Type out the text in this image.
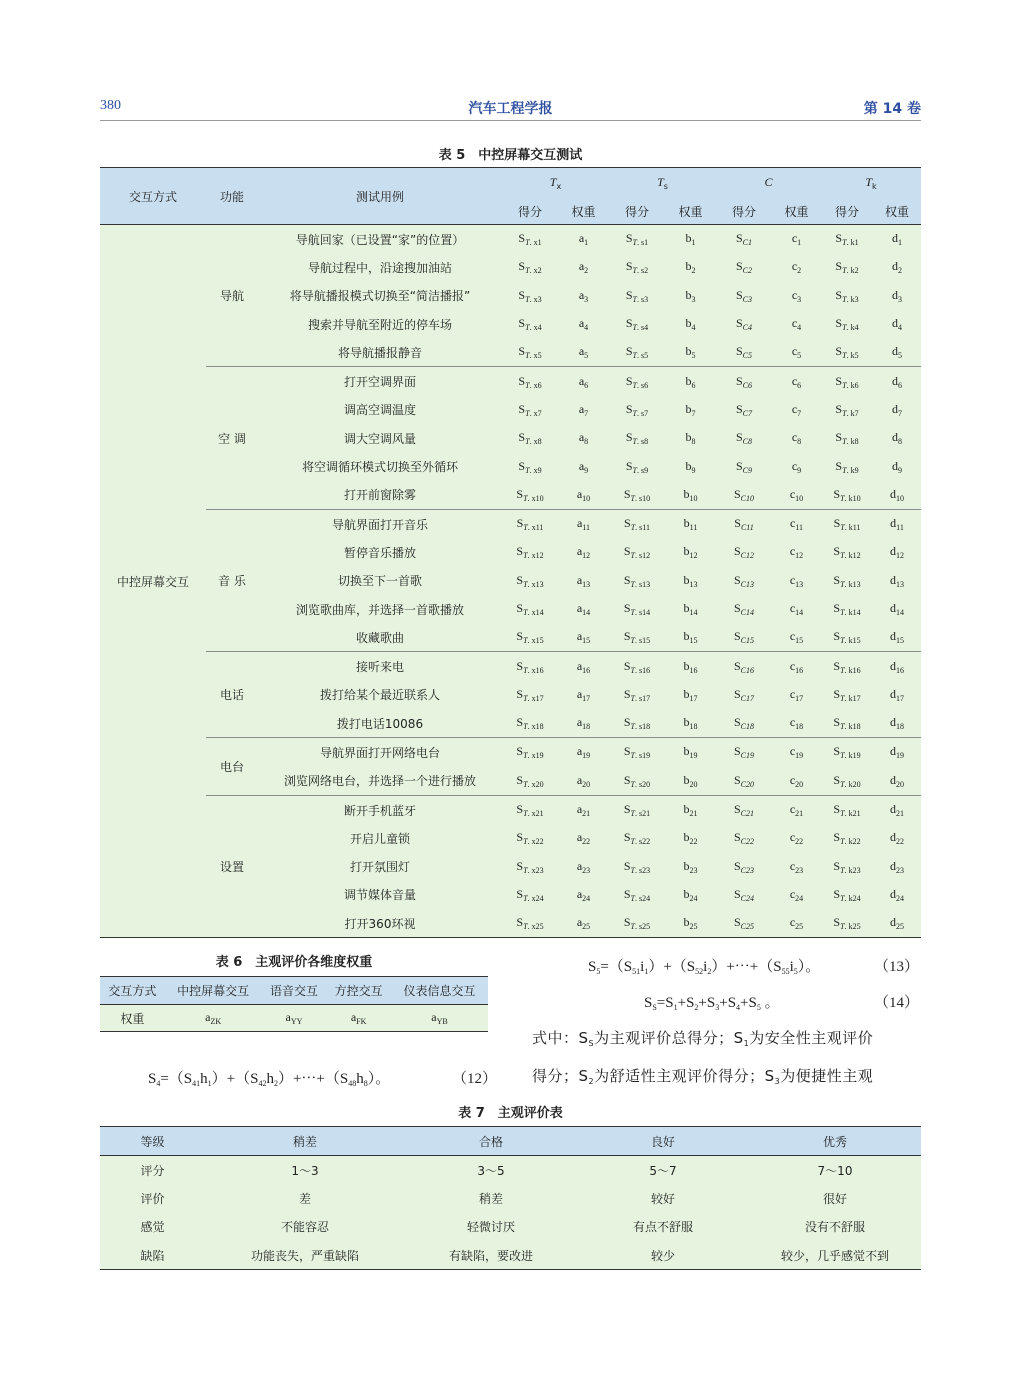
380	汽车工程学报	第 14 卷
表 5　中控屏幕交互测试
交互方式	功能	测试用例	$T_x$		$T_s$		C		$T_k$
			得分	权重	得分	权重	得分	权重	得分	权重
中控屏幕交互	导航	导航回家（已设置“家”的位置）	$S_{T. x1}$	$a_1$	$S_{T. s1}$	$b_1$	$S_{C1}$	$c_1$	$S_{T. k1}$	$d_1$
		导航过程中，沿途搜加油站	$S_{T. x2}$	$a_2$	$S_{T. s2}$	$b_2$	$S_{C2}$	$c_2$	$S_{T. k2}$	$d_2$
		将导航播报模式切换至“简洁播报”	$S_{T. x3}$	$a_3$	$S_{T. s3}$	$b_3$	$S_{C3}$	$c_3$	$S_{T. k3}$	$d_3$
		搜索并导航至附近的停车场	$S_{T. x4}$	$a_4$	$S_{T. s4}$	$b_4$	$S_{C4}$	$c_4$	$S_{T. k4}$	$d_4$
		将导航播报静音	$S_{T. x5}$	$a_5$	$S_{T. s5}$	$b_5$	$S_{C5}$	$c_5$	$S_{T. k5}$	$d_5$
	空 调	打开空调界面	$S_{T. x6}$	$a_6$	$S_{T. s6}$	$b_6$	$S_{C6}$	$c_6$	$S_{T. k6}$	$d_6$
		调高空调温度	$S_{T. x7}$	$a_7$	$S_{T. s7}$	$b_7$	$S_{C7}$	$c_7$	$S_{T. k7}$	$d_7$
		调大空调风量	$S_{T. x8}$	$a_8$	$S_{T. s8}$	$b_8$	$S_{C8}$	$c_8$	$S_{T. k8}$	$d_8$
		将空调循环模式切换至外循环	$S_{T. x9}$	$a_9$	$S_{T. s9}$	$b_9$	$S_{C9}$	$c_9$	$S_{T. k9}$	$d_9$
		打开前窗除雾	$S_{T. x10}$	$a_{10}$	$S_{T. s10}$	$b_{10}$	$S_{C10}$	$c_{10}$	$S_{T. k10}$	$d_{10}$
	音 乐	导航界面打开音乐	$S_{T. x11}$	$a_{11}$	$S_{T. s11}$	$b_{11}$	$S_{C11}$	$c_{11}$	$S_{T. k11}$	$d_{11}$
		暂停音乐播放	$S_{T. x12}$	$a_{12}$	$S_{T. s12}$	$b_{12}$	$S_{C12}$	$c_{12}$	$S_{T. k12}$	$d_{12}$
		切换至下一首歌	$S_{T. x13}$	$a_{13}$	$S_{T. s13}$	$b_{13}$	$S_{C13}$	$c_{13}$	$S_{T. k13}$	$d_{13}$
		浏览歌曲库，并选择一首歌播放	$S_{T. x14}$	$a_{14}$	$S_{T. s14}$	$b_{14}$	$S_{C14}$	$c_{14}$	$S_{T. k14}$	$d_{14}$
		收藏歌曲	$S_{T. x15}$	$a_{15}$	$S_{T. s15}$	$b_{15}$	$S_{C15}$	$c_{15}$	$S_{T. k15}$	$d_{15}$
	电话	接听来电	$S_{T. x16}$	$a_{16}$	$S_{T. s16}$	$b_{16}$	$S_{C16}$	$c_{16}$	$S_{T. k16}$	$d_{16}$
		拨打给某个最近联系人	$S_{T. x17}$	$a_{17}$	$S_{T. s17}$	$b_{17}$	$S_{C17}$	$c_{17}$	$S_{T. k17}$	$d_{17}$
		拨打电话10086	$S_{T. x18}$	$a_{18}$	$S_{T. s18}$	$b_{18}$	$S_{C18}$	$c_{18}$	$S_{T. k18}$	$d_{18}$
	电台	导航界面打开网络电台	$S_{T. x19}$	$a_{19}$	$S_{T. s19}$	$b_{19}$	$S_{C19}$	$c_{19}$	$S_{T. k19}$	$d_{19}$
		浏览网络电台，并选择一个进行播放	$S_{T. x20}$	$a_{20}$	$S_{T. s20}$	$b_{20}$	$S_{C20}$	$c_{20}$	$S_{T. k20}$	$d_{20}$
	设置	断开手机蓝牙	$S_{T. x21}$	$a_{21}$	$S_{T. s21}$	$b_{21}$	$S_{C21}$	$c_{21}$	$S_{T. k21}$	$d_{21}$
		开启儿童锁	$S_{T. x22}$	$a_{22}$	$S_{T. s22}$	$b_{22}$	$S_{C22}$	$c_{22}$	$S_{T. k22}$	$d_{22}$
		打开氛围灯	$S_{T. x23}$	$a_{23}$	$S_{T. s23}$	$b_{23}$	$S_{C23}$	$c_{23}$	$S_{T. k23}$	$d_{23}$
		调节媒体音量	$S_{T. x24}$	$a_{24}$	$S_{T. s24}$	$b_{24}$	$S_{C24}$	$c_{24}$	$S_{T. k24}$	$d_{24}$
		打开360环视	$S_{T. x25}$	$a_{25}$	$S_{T. s25}$	$b_{25}$	$S_{C25}$	$c_{25}$	$S_{T. k25}$	$d_{25}$
表 6　主观评价各维度权重
交互方式	中控屏幕交互	语音交互	方控交互	仪表信息交互
权重	$a_{ZK}$	$a_{YY}$	$a_{FK}$	$a_{YB}$
$S_4=(S_{41}h_1)+(S_{42}h_2)+\cdots+(S_{48}h_8)$。	（12）
$S_5=(S_{51}i_1)+(S_{52}i_2)+\cdots+(S_{55}i_5)$。	（13）
$S_S=S_1+S_2+S_3+S_4+S_5$ 。	（14）
式中：$S_S$为主观评价总得分；$S_1$为安全性主观评价
得分；$S_2$为舒适性主观评价得分；$S_3$为便捷性主观
表 7　主观评价表
等级	稍差	合格	良好	优秀
评分	1～3	3～5	5～7	7～10
评价	差	稍差	较好	很好
感觉	不能容忍	轻微讨厌	有点不舒服	没有不舒服
缺陷	功能丧失，严重缺陷	有缺陷，要改进	较少	较少，几乎感觉不到
